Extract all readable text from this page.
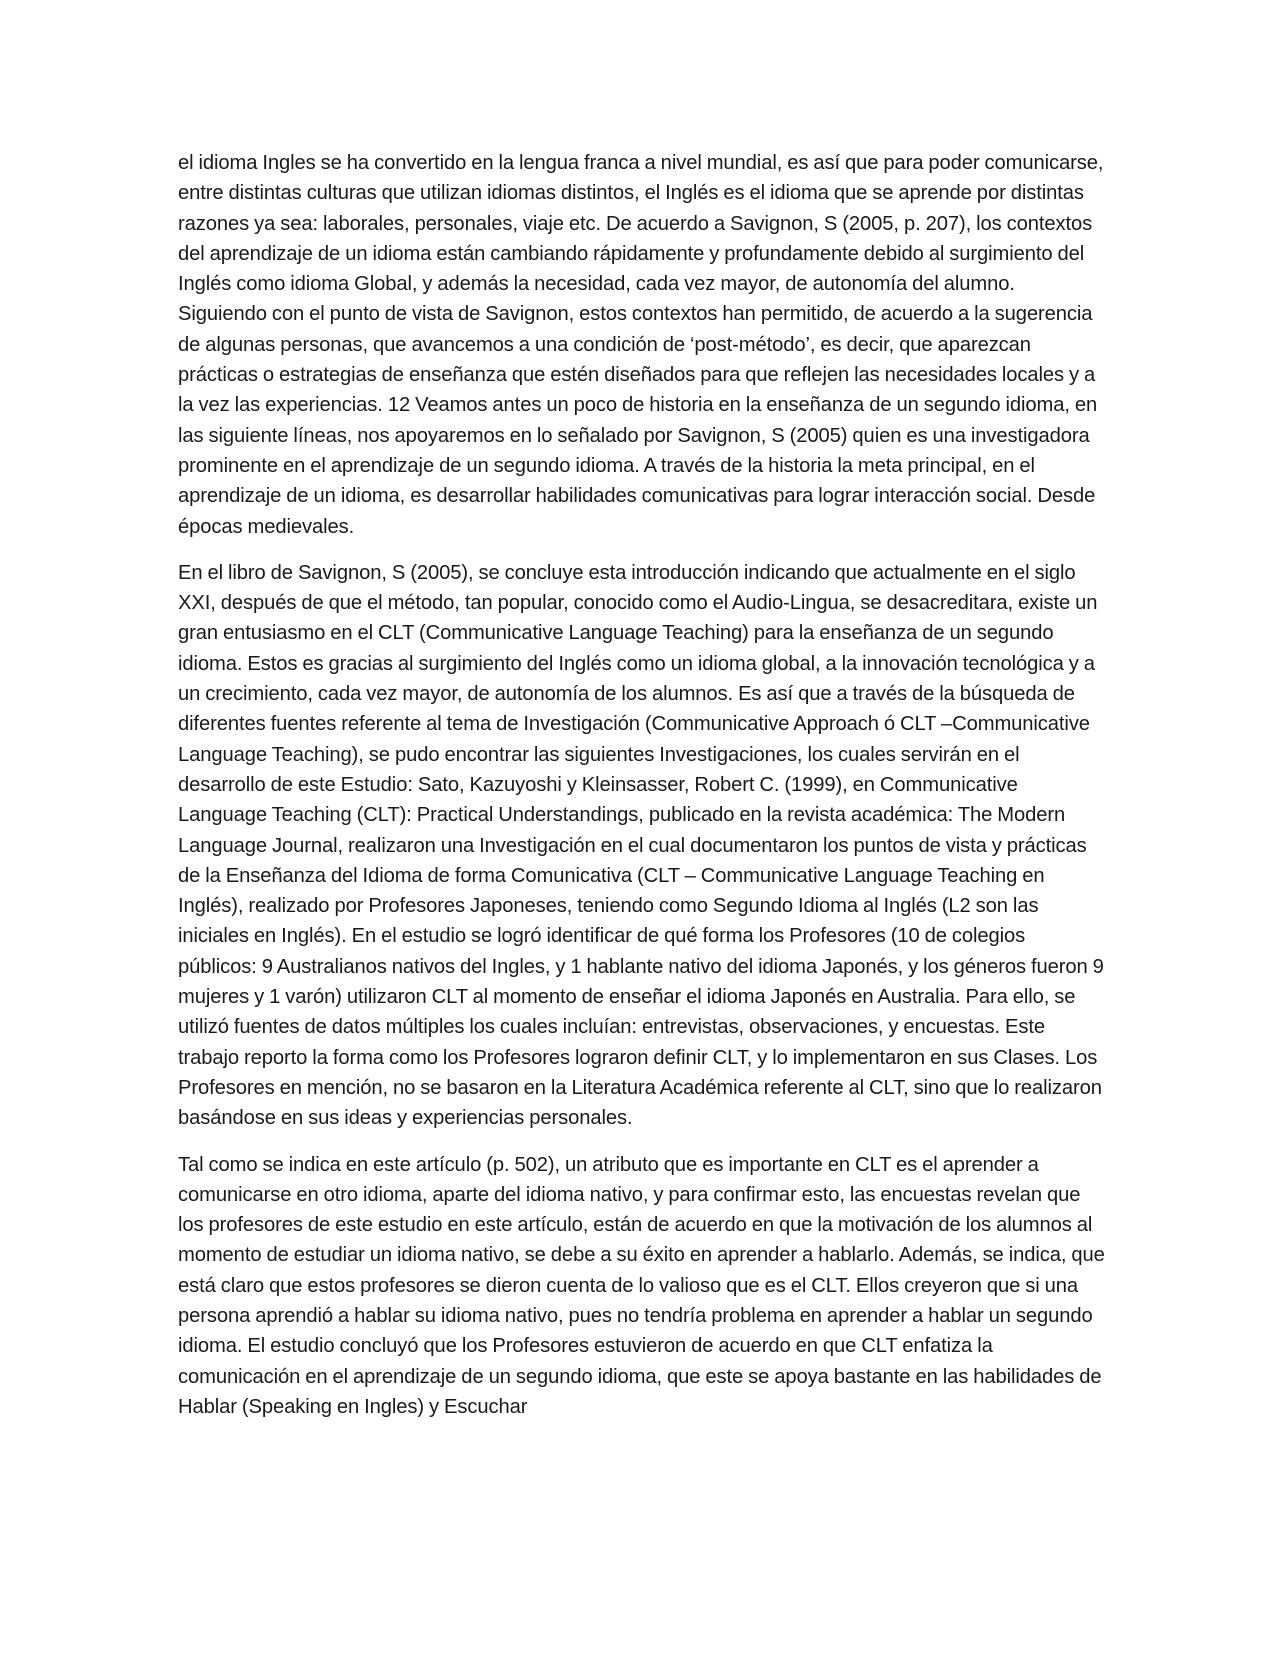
el idioma Ingles se ha convertido en la lengua franca a nivel mundial, es así que para poder comunicarse, entre distintas culturas que utilizan idiomas distintos, el Inglés es el idioma que se aprende por distintas razones ya sea: laborales, personales, viaje etc. De acuerdo a Savignon, S (2005, p. 207), los contextos del aprendizaje de un idioma están cambiando rápidamente y profundamente debido al surgimiento del Inglés como idioma Global, y además la necesidad, cada vez mayor, de autonomía del alumno. Siguiendo con el punto de vista de Savignon, estos contextos han permitido, de acuerdo a la sugerencia de algunas personas, que avancemos a una condición de ‘post-método’, es decir, que aparezcan prácticas o estrategias de enseñanza que estén diseñados para que reflejen las necesidades locales y a la vez las experiencias. 12 Veamos antes un poco de historia en la enseñanza de un segundo idioma, en las siguiente líneas, nos apoyaremos en lo señalado por Savignon, S (2005) quien es una investigadora prominente en el aprendizaje de un segundo idioma. A través de la historia la meta principal, en el aprendizaje de un idioma, es desarrollar habilidades comunicativas para lograr interacción social. Desde épocas medievales.

En el libro de Savignon, S (2005), se concluye esta introducción indicando que actualmente en el siglo XXI, después de que el método, tan popular, conocido como el Audio-Lingua, se desacreditara, existe un gran entusiasmo en el CLT (Communicative Language Teaching) para la enseñanza de un segundo idioma. Estos es gracias al surgimiento del Inglés como un idioma global, a la innovación tecnológica y a un crecimiento, cada vez mayor, de autonomía de los alumnos. Es así que a través de la búsqueda de diferentes fuentes referente al tema de Investigación (Communicative Approach ó CLT –Communicative Language Teaching), se pudo encontrar las siguientes Investigaciones, los cuales servirán en el desarrollo de este Estudio: Sato, Kazuyoshi y Kleinsasser, Robert C. (1999), en Communicative Language Teaching (CLT): Practical Understandings, publicado en la revista académica: The Modern Language Journal, realizaron una Investigación en el cual documentaron los puntos de vista y prácticas de la Enseñanza del Idioma de forma Comunicativa (CLT – Communicative Language Teaching en Inglés), realizado por Profesores Japoneses, teniendo como Segundo Idioma al Inglés (L2 son las iniciales en Inglés). En el estudio se logró identificar de qué forma los Profesores (10 de colegios públicos: 9 Australianos nativos del Ingles, y 1 hablante nativo del idioma Japonés, y los géneros fueron 9 mujeres y 1 varón) utilizaron CLT al momento de enseñar el idioma Japonés en Australia. Para ello, se utilizó fuentes de datos múltiples los cuales incluían: entrevistas, observaciones, y encuestas. Este trabajo reporto la forma como los Profesores lograron definir CLT, y lo implementaron en sus Clases. Los Profesores en mención, no se basaron en la Literatura Académica referente al CLT, sino que lo realizaron basándose en sus ideas y experiencias personales.

Tal como se indica en este artículo (p. 502), un atributo que es importante en CLT es el aprender a comunicarse en otro idioma, aparte del idioma nativo, y para confirmar esto, las encuestas revelan que los profesores de este estudio en este artículo, están de acuerdo en que la motivación de los alumnos al momento de estudiar un idioma nativo, se debe a su éxito en aprender a hablarlo. Además, se indica, que está claro que estos profesores se dieron cuenta de lo valioso que es el CLT. Ellos creyeron que si una persona aprendió a hablar su idioma nativo, pues no tendría problema en aprender a hablar un segundo idioma. El estudio concluyó que los Profesores estuvieron de acuerdo en que CLT enfatiza la comunicación en el aprendizaje de un segundo idioma, que este se apoya bastante en las habilidades de Hablar (Speaking en Ingles) y Escuchar
